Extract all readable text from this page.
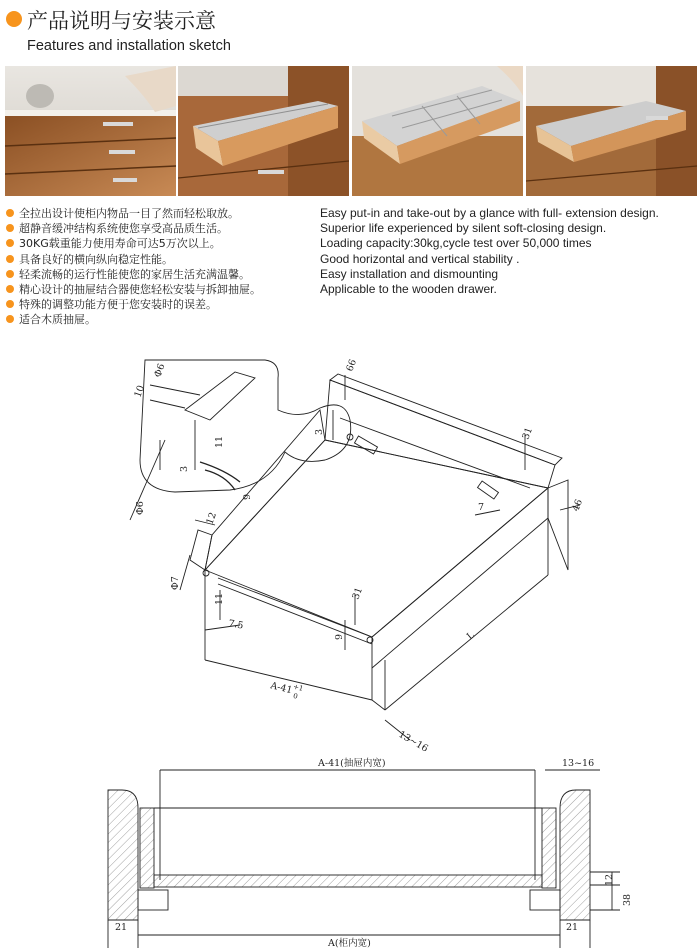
产品说明与安装示意
Features and installation sketch
全拉出设计使柜内物品一目了然而轻松取放。
超静音缓冲结构系统使您享受高品质生活。
30KG载重能力使用寿命可达5万次以上。
具备良好的横向纵向稳定性能。
轻柔流畅的运行性能使您的家居生活充满温馨。
精心设计的抽屉结合器使您轻松安装与拆卸抽屉。
特殊的调整功能方便于您安装时的误差。
适合木质抽屉。
Easy put-in and take-out by a glance with full- extension design.
Superior life experienced by silent soft-closing design.
Loading capacity:30kg,cycle test over 50,000 times
Good horizontal and vertical stability .
Easy installation and dismounting
Applicable to the wooden drawer.
Φ6
10
11
3
Φ6
9
66
3	31
46
7
12
Φ7
11
7.5
31
9	L
$A-41^{+1}0$
13~16
A-41(抽屉内宽)	13~16
12
38
21	21
A(柜内宽)
